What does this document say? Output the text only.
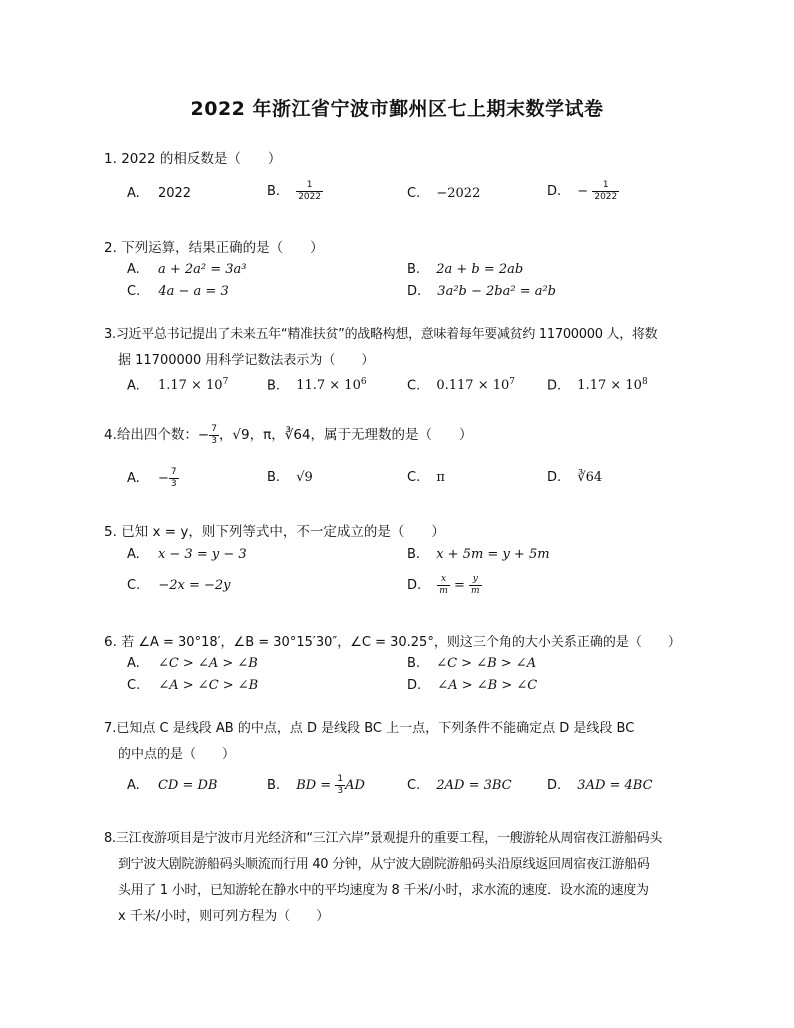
2022 年浙江省宁波市鄞州区七上期末数学试卷
1. 2022 的相反数是（　　）
A. 2022	B. $\frac{1}{2022}$	C. −2022	D. − $\frac{1}{2022}$
2. 下列运算，结果正确的是（　　）
A. a + 2a² = 3a³	B. 2a + b = 2ab
C. 4a − a = 3	D. 3a²b − 2ba² = a²b
3.习近平总书记提出了未来五年“精准扶贫”的战略构想，意味着每年要减贫约 11700000 人，将数
据 11700000 用科学记数法表示为（　　）
A. $1.17 \times 10^7$	B. $11.7 \times 10^6$	C. $0.117 \times 10^7$ D. $1.17 \times 10^8$
4.给出四个数：− $\frac{7}{3}$ ，√9，π，∛64，属于无理数的是（　　）
A. − $\frac{7}{3}$	B. √9	C. π	D. ∛64
5. 已知 x = y，则下列等式中，不一定成立的是（　　）
A. x − 3 = y − 3	B. x + 5m = y + 5m
C. −2x = −2y	D. $\frac{x}{m} = \frac{y}{m}$
6. 若 ∠A = 30°18′，∠B = 30°15′30″，∠C = 30.25°，则这三个角的大小关系正确的是（　　）
A. ∠C > ∠A > ∠B	B. ∠C > ∠B > ∠A
C. ∠A > ∠C > ∠B	D. ∠A > ∠B > ∠C
7.已知点 C 是线段 AB 的中点，点 D 是线段 BC 上一点，下列条件不能确定点 D 是线段 BC
的中点的是（　　）
A. CD = DB	B. BD = $\frac{1}{3}$ AD	C. 2AD = 3BC	D. 3AD = 4BC
8.三江夜游项目是宁波市月光经济和“三江六岸”景观提升的重要工程，一艘游轮从周宿夜江游船码头
到宁波大剧院游船码头顺流而行用 40 分钟，从宁波大剧院游船码头沿原线返回周宿夜江游船码
头用了 1 小时，已知游轮在静水中的平均速度为 8 千米/小时，求水流的速度．设水流的速度为
x 千米/小时，则可列方程为（　　）
